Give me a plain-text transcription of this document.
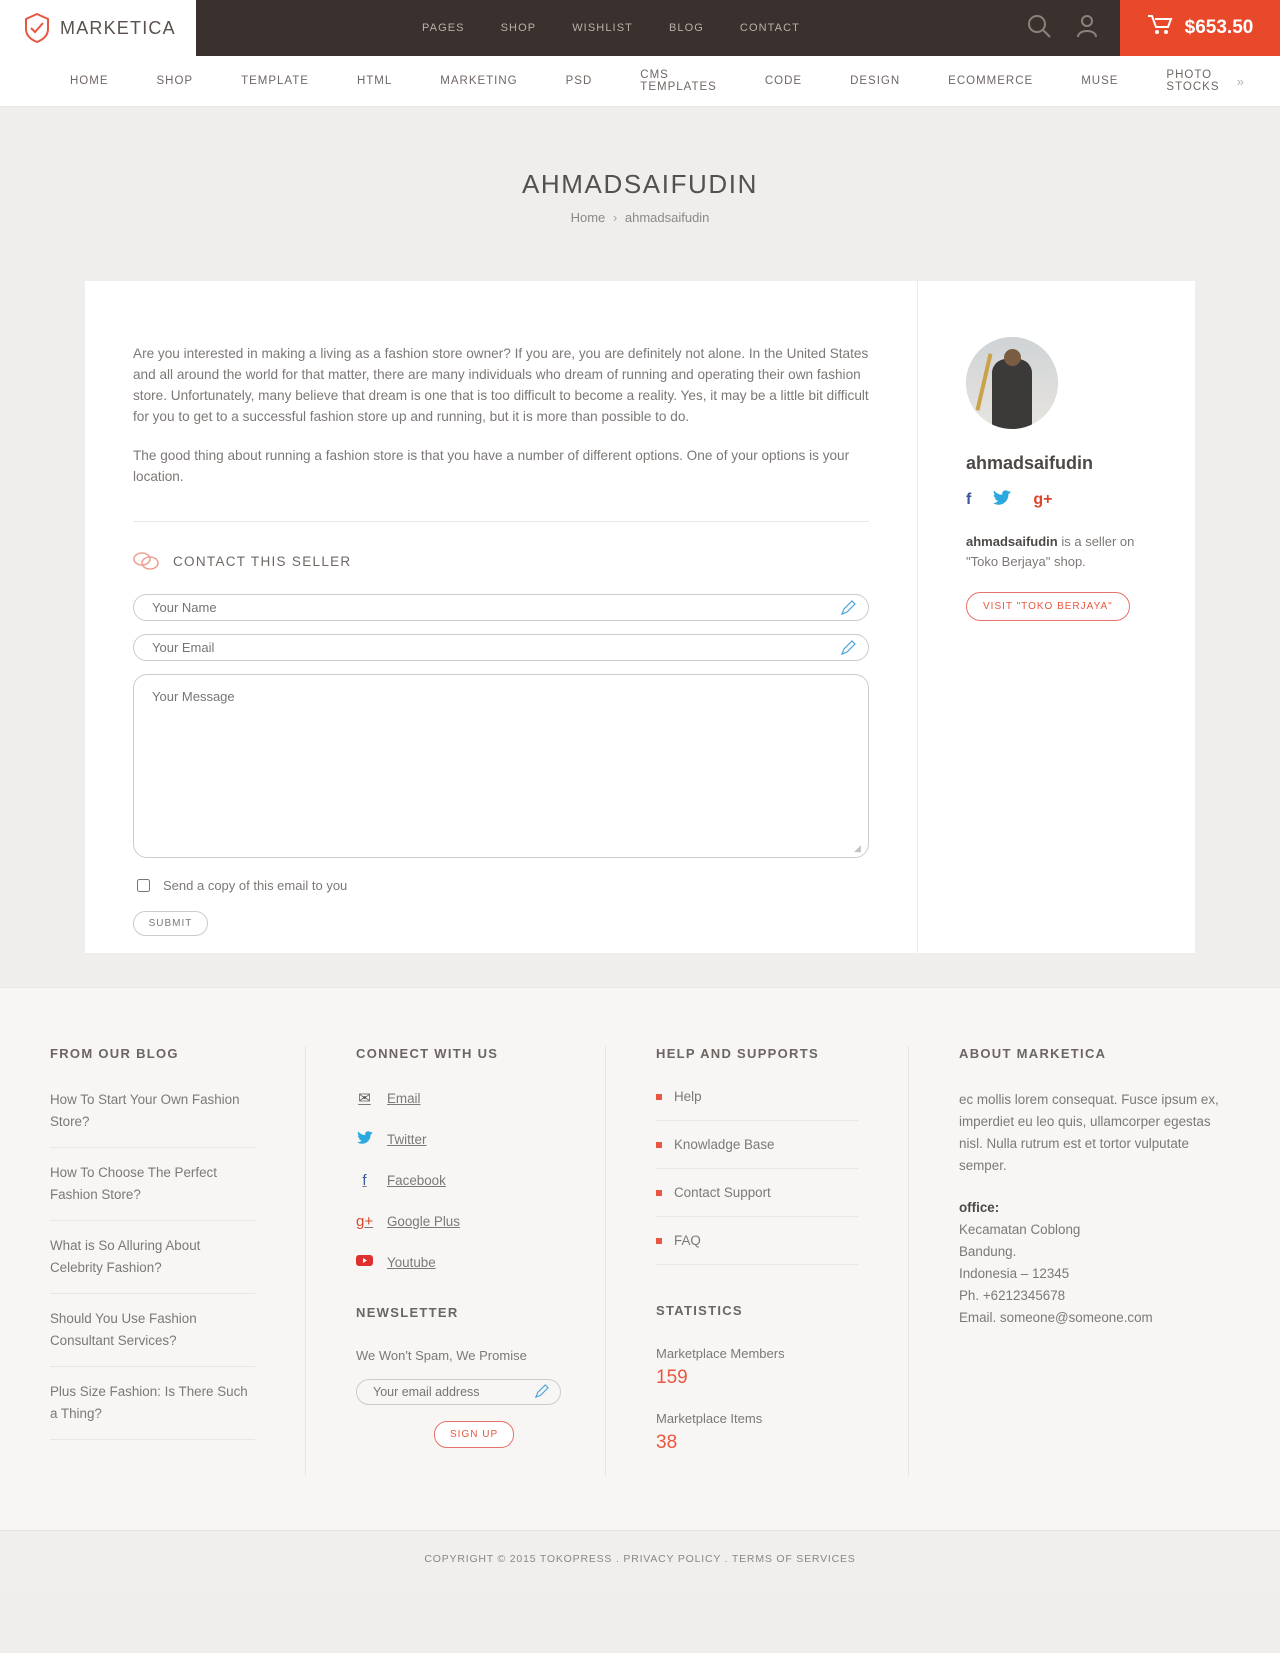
MARKETICA	PAGES	SHOP	WISHLIST	BLOG	CONTACT	$653.50
HOME	SHOP	TEMPLATE	HTML	MARKETING	PSD	CMS TEMPLATES	CODE	DESIGN	ECOMMERCE	MUSE	PHOTO STOCKS	»
AHMADSAIFUDIN
Home › ahmadsaifudin

Are you interested in making a living as a fashion store owner? If you are, you are definitely not alone. In the United States and all around the world for that matter, there are many individuals who dream of running and operating their own fashion store. Unfortunately, many believe that dream is one that is too difficult to become a reality. Yes, it may be a little bit difficult for you to get to a successful fashion store up and running, but it is more than possible to do.

The good thing about running a fashion store is that you have a number of different options. One of your options is your location.

CONTACT THIS SELLER
Your Name
Your Email
Your Message
◢
Send a copy of this email to you
SUBMIT
ahmadsaifudin
f	g+
ahmadsaifudin is a seller on "Toko Berjaya" shop.
VISIT "TOKO BERJAYA"
FROM OUR BLOG
How To Start Your Own Fashion Store?
How To Choose The Perfect Fashion Store?
What is So Alluring About Celebrity Fashion?
Should You Use Fashion Consultant Services?
Plus Size Fashion: Is There Such a Thing?
CONNECT WITH US
✉ Email
Twitter
f	Facebook
g+ Google Plus
Youtube
NEWSLETTER

We Won't Spam, We Promise

Your email address
SIGN UP
HELP AND SUPPORTS
Help
Knowladge Base
Contact Support
FAQ
STATISTICS
Marketplace Members
159
Marketplace Items
38
ABOUT MARKETICA

ec mollis lorem consequat. Fusce ipsum ex, imperdiet eu leo quis, ullamcorper egestas nisl. Nulla rutrum est et tortor vulputate semper.

office:
Kecamatan Coblong
Bandung.
Indonesia – 12345
Ph. +6212345678
Email. someone@someone.com
COPYRIGHT © 2015 TOKOPRESS . PRIVACY POLICY . TERMS OF SERVICES
